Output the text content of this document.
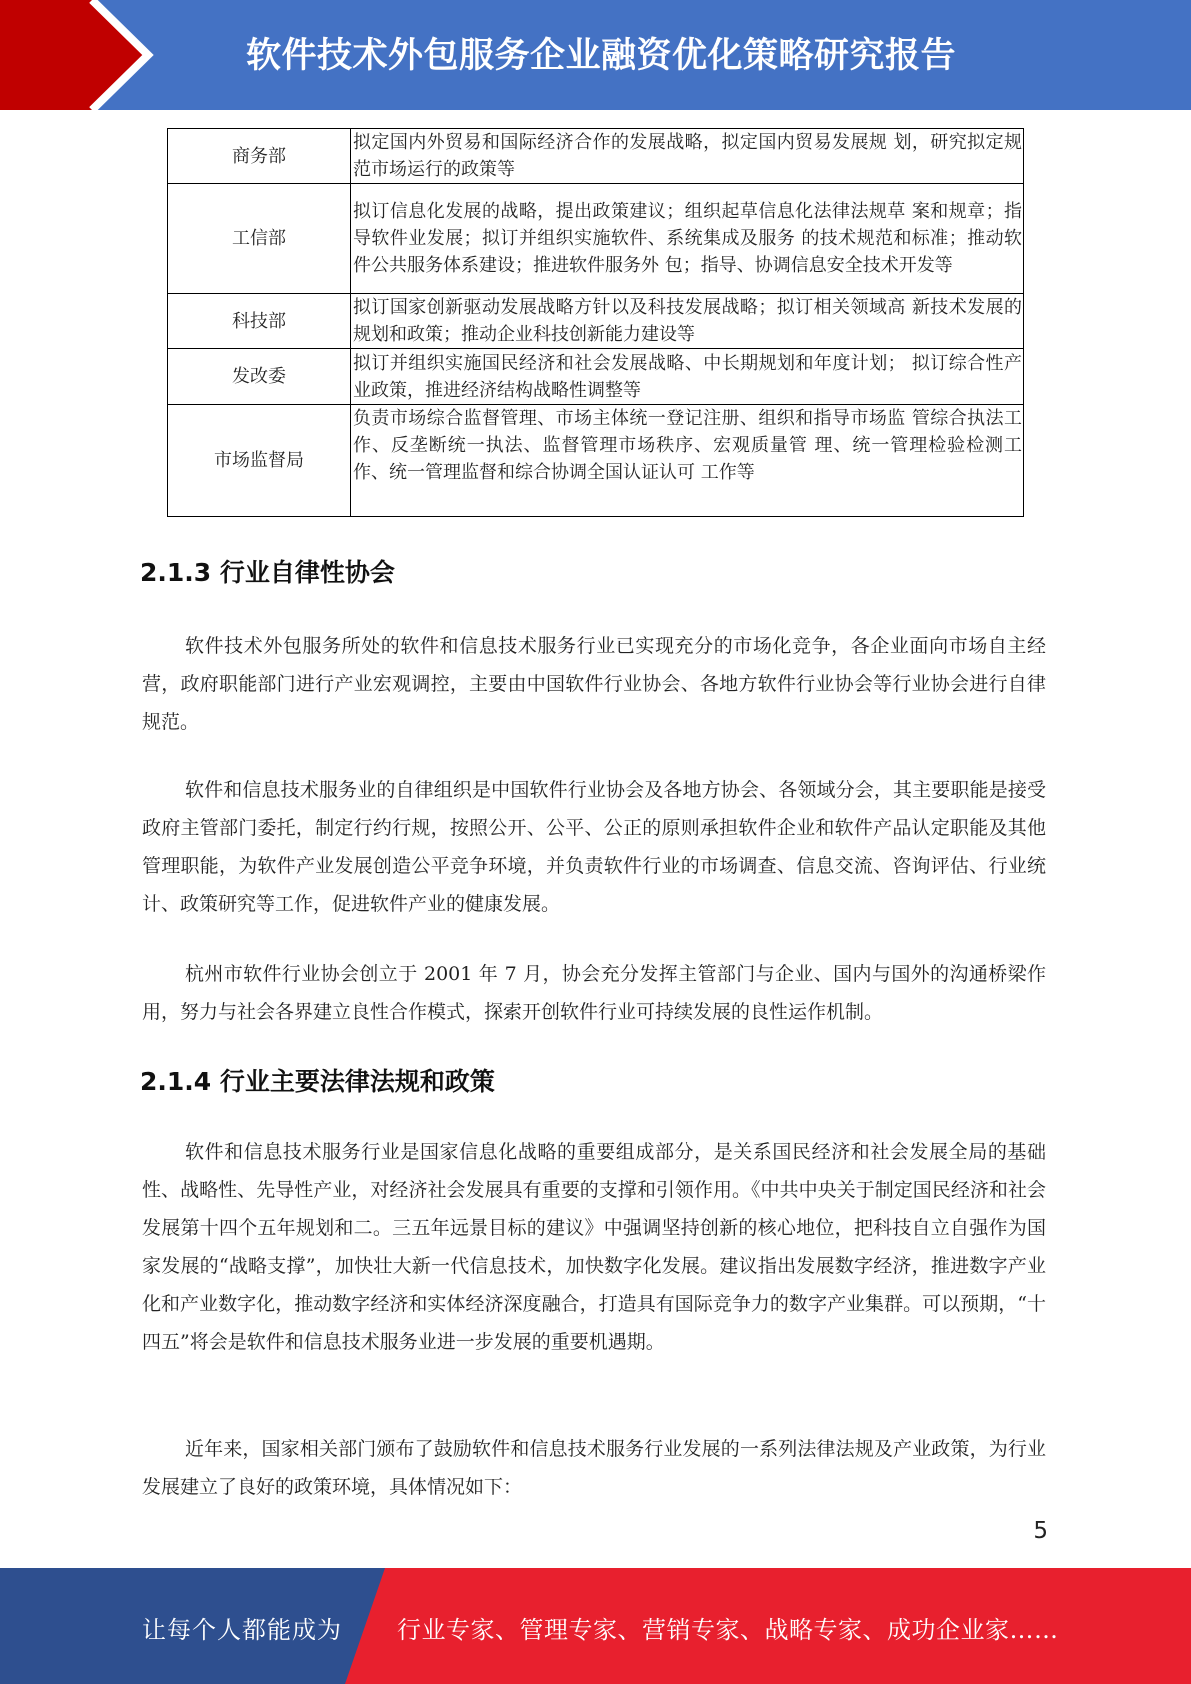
软件技术外包服务企业融资优化策略研究报告
商务部	拟定国内外贸易和国际经济合作的发展战略，拟定国内贸易发展规 划，研究拟定规范市场运行的政策等
工信部	拟订信息化发展的战略，提出政策建议；组织起草信息化法律法规草 案和规章；指导软件业发展；拟订并组织实施软件、系统集成及服务 的技术规范和标准；推动软件公共服务体系建设；推进软件服务外 包；指导、协调信息安全技术开发等
科技部	拟订国家创新驱动发展战略方针以及科技发展战略；拟订相关领域高 新技术发展的规划和政策；推动企业科技创新能力建设等
发改委	拟订并组织实施国民经济和社会发展战略、中长期规划和年度计划； 拟订综合性产业政策，推进经济结构战略性调整等
市场监督局	负责市场综合监督管理、市场主体统一登记注册、组织和指导市场监 管综合执法工作、反垄断统一执法、监督管理市场秩序、宏观质量管 理、统一管理检验检测工作、统一管理监督和综合协调全国认证认可 工作等
2.1.3 行业自律性协会

软件技术外包服务所处的软件和信息技术服务行业已实现充分的市场化竞争，各企业面向市场自主经营，政府职能部门进行产业宏观调控，主要由中国软件行业协会、各地方软件行业协会等行业协会进行自律规范。

软件和信息技术服务业的自律组织是中国软件行业协会及各地方协会、各领域分会，其主要职能是接受政府主管部门委托，制定行约行规，按照公开、公平、公正的原则承担软件企业和软件产品认定职能及其他管理职能，为软件产业发展创造公平竞争环境，并负责软件行业的市场调查、信息交流、咨询评估、行业统计、政策研究等工作，促进软件产业的健康发展。

杭州市软件行业协会创立于 2001 年 7 月，协会充分发挥主管部门与企业、国内与国外的沟通桥梁作用，努力与社会各界建立良性合作模式，探索开创软件行业可持续发展的良性运作机制。

2.1.4 行业主要法律法规和政策

软件和信息技术服务行业是国家信息化战略的重要组成部分，是关系国民经济和社会发展全局的基础性、战略性、先导性产业，对经济社会发展具有重要的支撑和引领作用。《中共中央关于制定国民经济和社会发展第十四个五年规划和二。三五年远景目标的建议》中强调坚持创新的核心地位，把科技自立自强作为国家发展的“战略支撑”，加快壮大新一代信息技术，加快数字化发展。建议指出发展数字经济，推进数字产业化和产业数字化，推动数字经济和实体经济深度融合，打造具有国际竞争力的数字产业集群。可以预期，“十四五”将会是软件和信息技术服务业进一步发展的重要机遇期。

近年来，国家相关部门颁布了鼓励软件和信息技术服务行业发展的一系列法律法规及产业政策，为行业发展建立了良好的政策环境，具体情况如下：

5
让每个人都能成为 行业专家、管理专家、营销专家、战略专家、成功企业家……
